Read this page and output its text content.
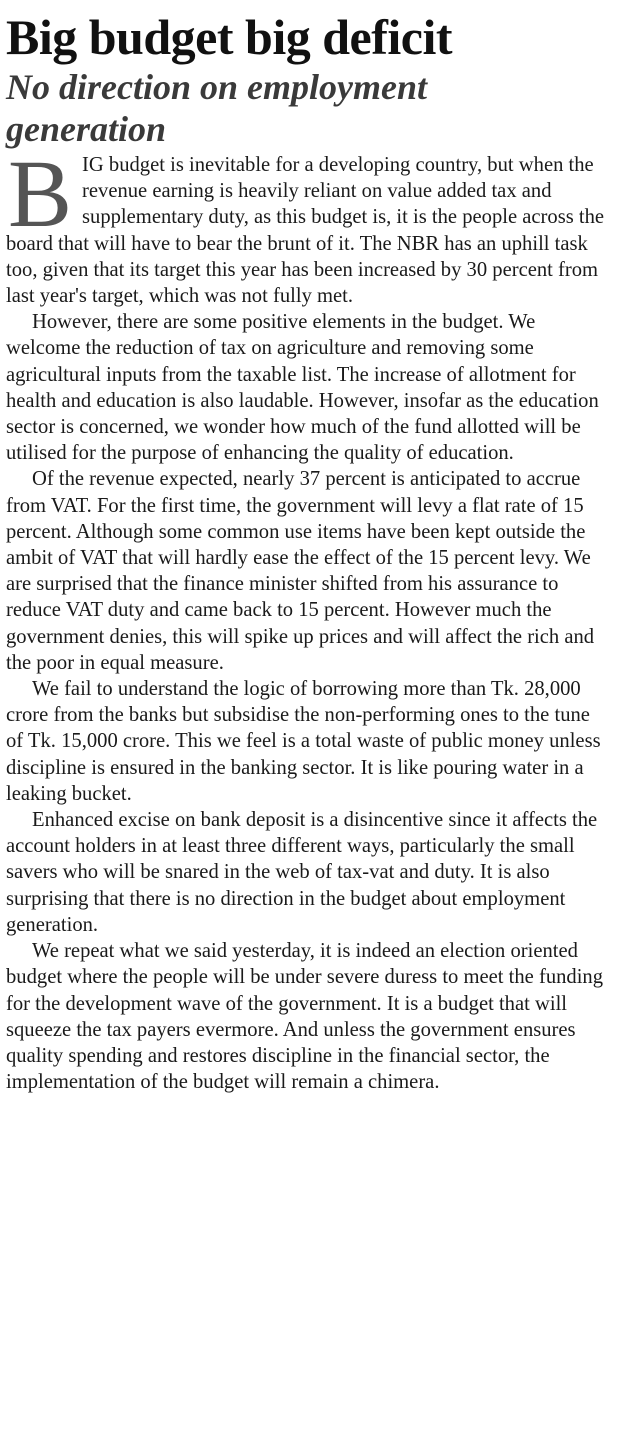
Big budget big deficit
No direction on employment generation

BIG budget is inevitable for a developing country, but when the revenue earning is heavily reliant on value added tax and supplementary duty, as this budget is, it is the people across the board that will have to bear the brunt of it. The NBR has an uphill task too, given that its target this year has been increased by 30 percent from last year's target, which was not fully met.

However, there are some positive elements in the budget. We welcome the reduction of tax on agriculture and removing some agricultural inputs from the taxable list. The increase of allotment for health and education is also laudable. However, insofar as the education sector is concerned, we wonder how much of the fund allotted will be utilised for the purpose of enhancing the quality of education.

Of the revenue expected, nearly 37 percent is anticipated to accrue from VAT. For the first time, the government will levy a flat rate of 15 percent. Although some common use items have been kept outside the ambit of VAT that will hardly ease the effect of the 15 percent levy. We are surprised that the finance minister shifted from his assurance to reduce VAT duty and came back to 15 percent. However much the government denies, this will spike up prices and will affect the rich and the poor in equal measure.

We fail to understand the logic of borrowing more than Tk. 28,000 crore from the banks but subsidise the non-performing ones to the tune of Tk. 15,000 crore. This we feel is a total waste of public money unless discipline is ensured in the banking sector. It is like pouring water in a leaking bucket.

Enhanced excise on bank deposit is a disincentive since it affects the account holders in at least three different ways, particularly the small savers who will be snared in the web of tax-vat and duty. It is also surprising that there is no direction in the budget about employment generation.

We repeat what we said yesterday, it is indeed an election oriented budget where the people will be under severe duress to meet the funding for the development wave of the government. It is a budget that will squeeze the tax payers evermore. And unless the government ensures quality spending and restores discipline in the financial sector, the implementation of the budget will remain a chimera.
